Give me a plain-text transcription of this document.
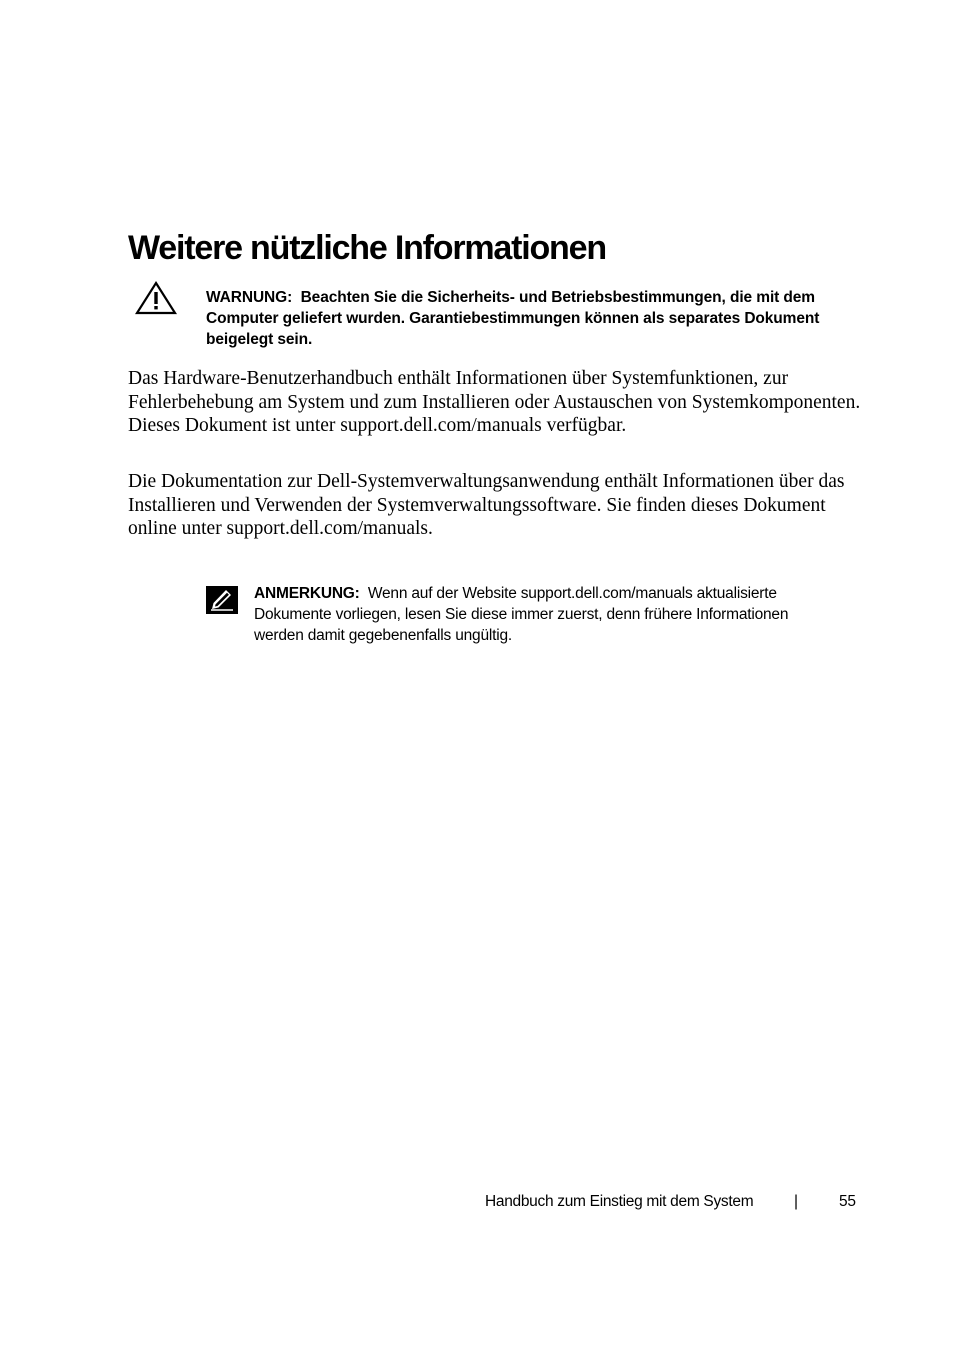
Weitere nützliche Informationen

WARNUNG: Beachten Sie die Sicherheits- und Betriebsbestimmungen, die mit dem Computer geliefert wurden. Garantiebestimmungen können als separates Dokument beigelegt sein.

Das Hardware-Benutzerhandbuch enthält Informationen über Systemfunktionen, zur Fehlerbehebung am System und zum Installieren oder Austauschen von Systemkomponenten. Dieses Dokument ist unter support.dell.com/manuals verfügbar.

Die Dokumentation zur Dell-Systemverwaltungsanwendung enthält Informationen über das Installieren und Verwenden der Systemverwaltungssoftware. Sie finden dieses Dokument online unter support.dell.com/manuals.

ANMERKUNG: Wenn auf der Website support.dell.com/manuals aktualisierte Dokumente vorliegen, lesen Sie diese immer zuerst, denn frühere Informationen werden damit gegebenenfalls ungültig.

Handbuch zum Einstieg mit dem System	|	55
